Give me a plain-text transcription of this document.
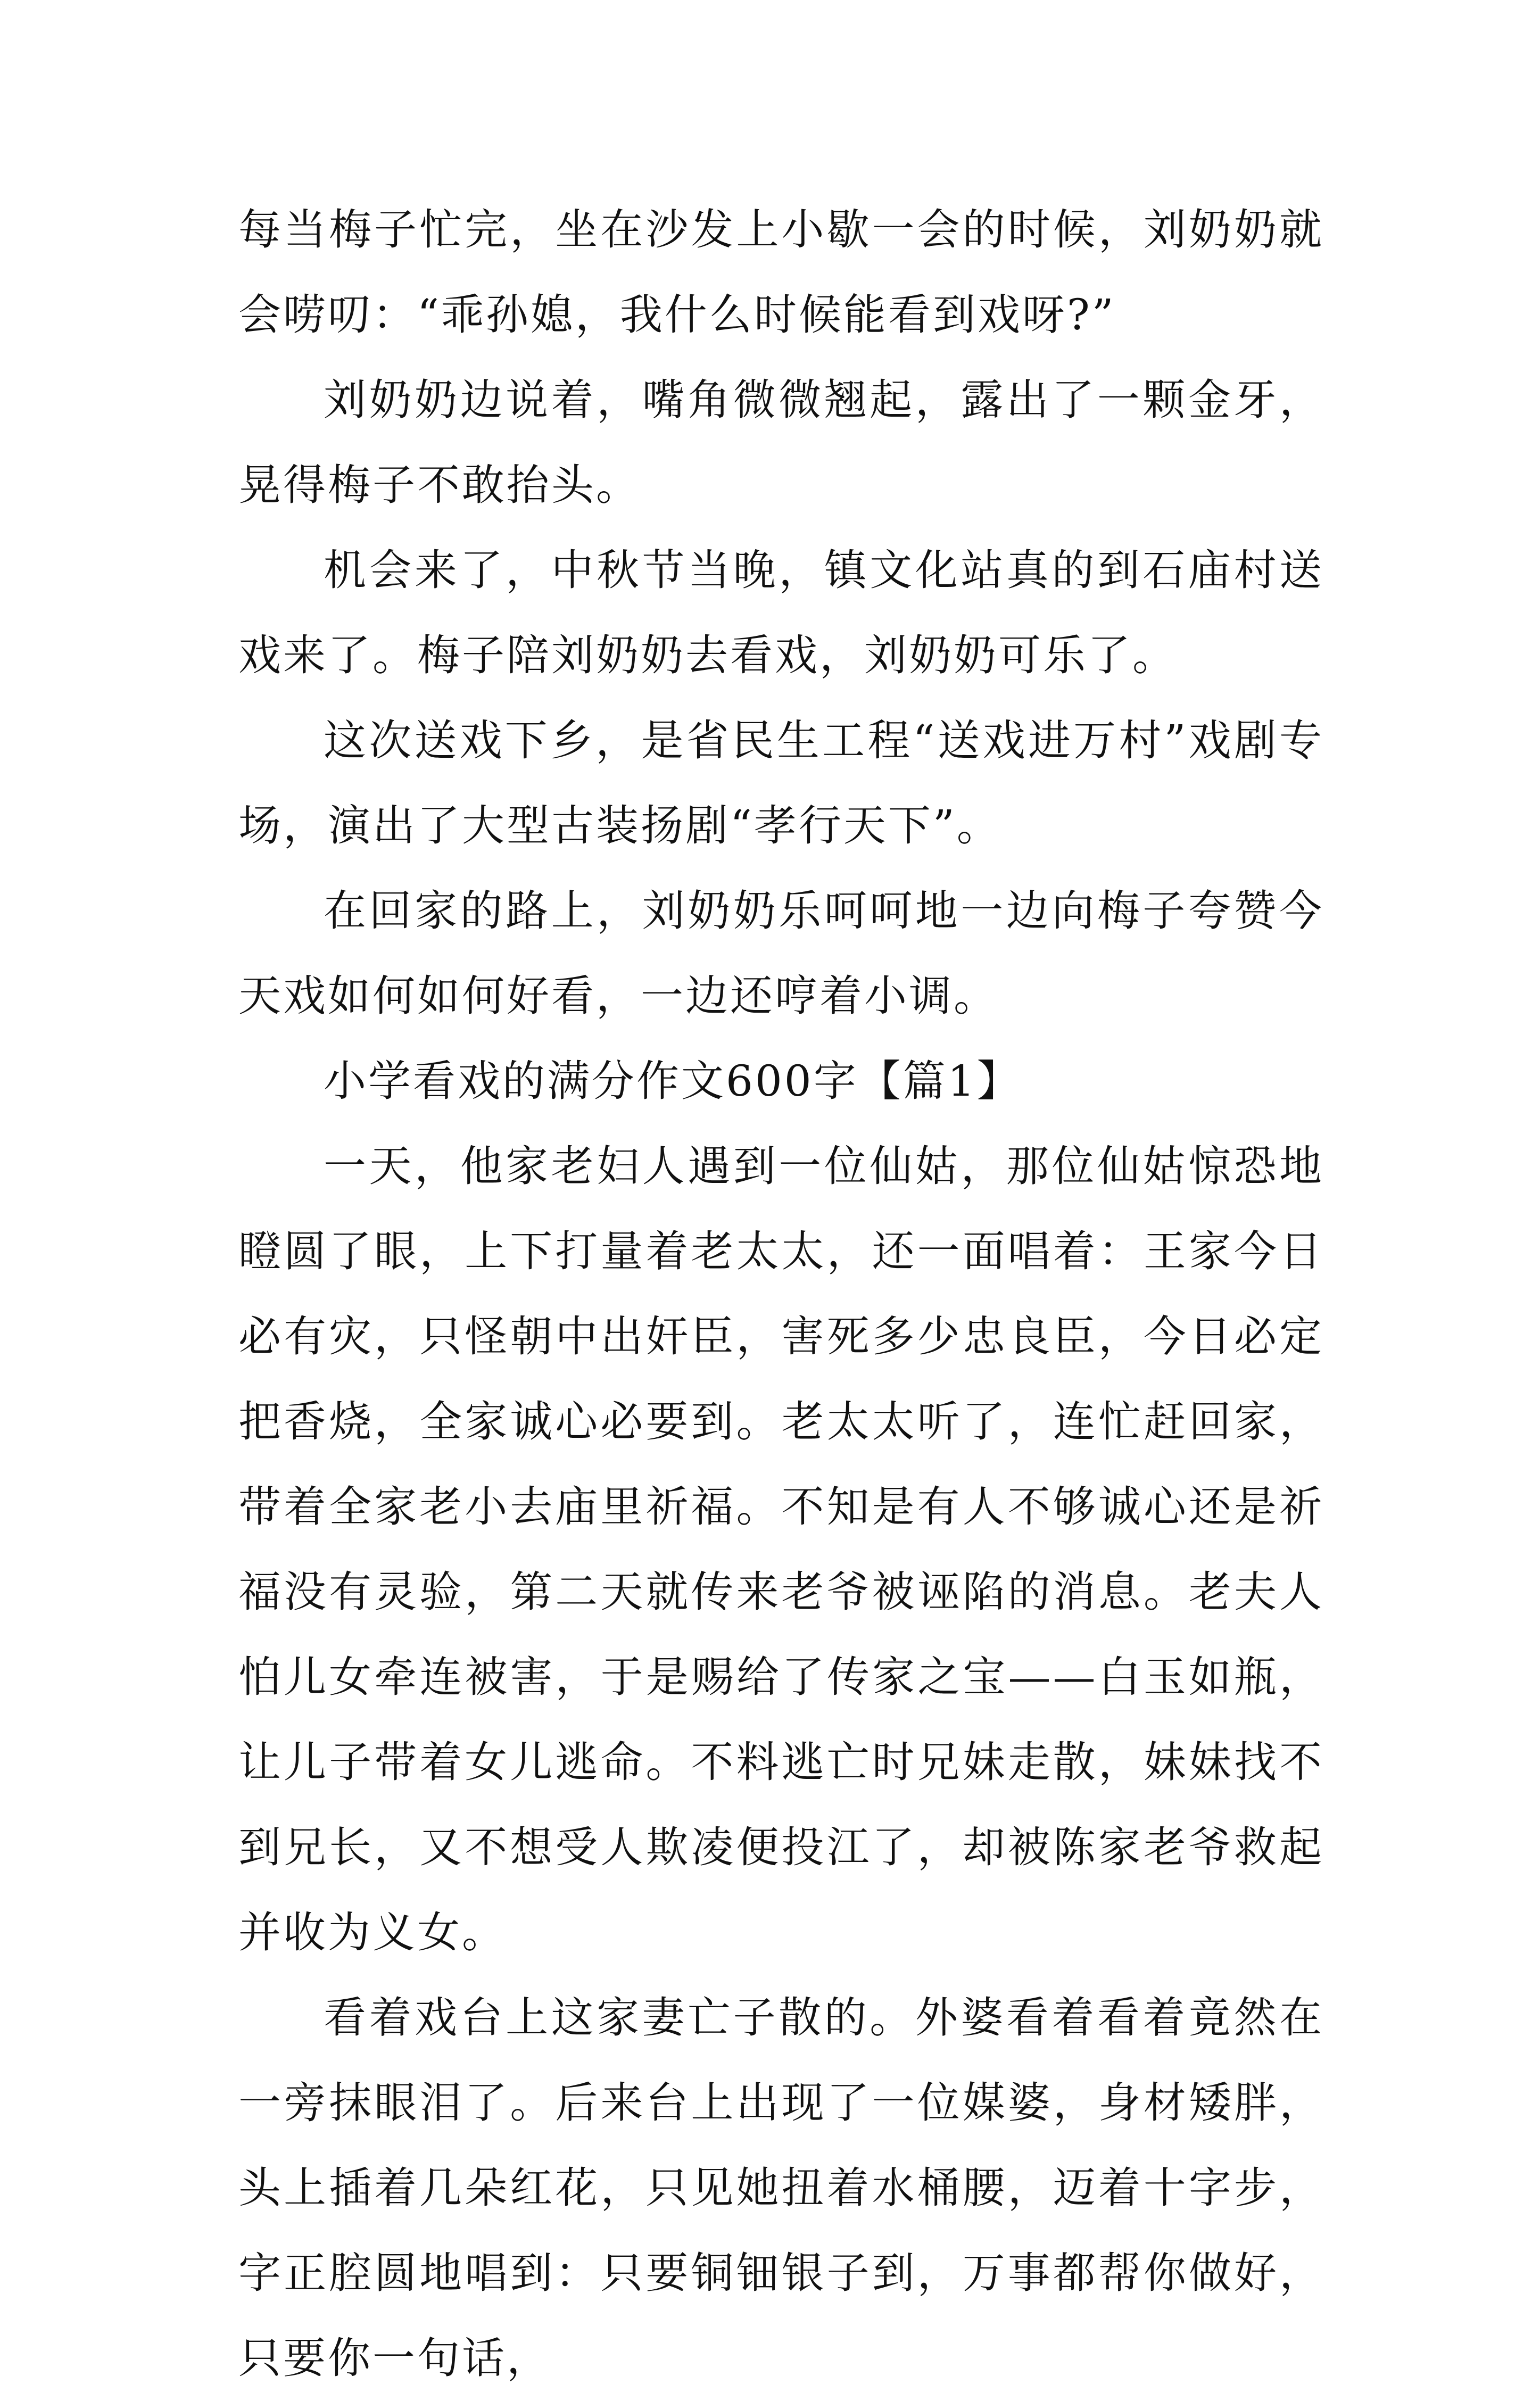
每当梅子忙完，坐在沙发上小歇一会的时候，刘奶奶就会唠叨：“乖孙媳，我什么时候能看到戏呀?”

刘奶奶边说着，嘴角微微翘起，露出了一颗金牙，晃得梅子不敢抬头。

机会来了，中秋节当晚，镇文化站真的到石庙村送戏来了。梅子陪刘奶奶去看戏，刘奶奶可乐了。

这次送戏下乡，是省民生工程“送戏进万村”戏剧专场，演出了大型古装扬剧“孝行天下”。

在回家的路上，刘奶奶乐呵呵地一边向梅子夸赞今天戏如何如何好看，一边还哼着小调。

小学看戏的满分作文600字【篇1】

一天，他家老妇人遇到一位仙姑，那位仙姑惊恐地瞪圆了眼，上下打量着老太太，还一面唱着：王家今日必有灾，只怪朝中出奸臣，害死多少忠良臣，今日必定把香烧，全家诚心必要到。老太太听了，连忙赶回家，带着全家老小去庙里祈福。不知是有人不够诚心还是祈福没有灵验，第二天就传来老爷被诬陷的消息。老夫人怕儿女牵连被害，于是赐给了传家之宝——白玉如瓶，让儿子带着女儿逃命。不料逃亡时兄妹走散，妹妹找不到兄长，又不想受人欺凌便投江了，却被陈家老爷救起并收为义女。

看着戏台上这家妻亡子散的。外婆看着看着竟然在一旁抹眼泪了。后来台上出现了一位媒婆，身材矮胖，头上插着几朵红花，只见她扭着水桶腰，迈着十字步，字正腔圆地唱到：只要铜钿银子到，万事都帮你做好，只要你一句话，
